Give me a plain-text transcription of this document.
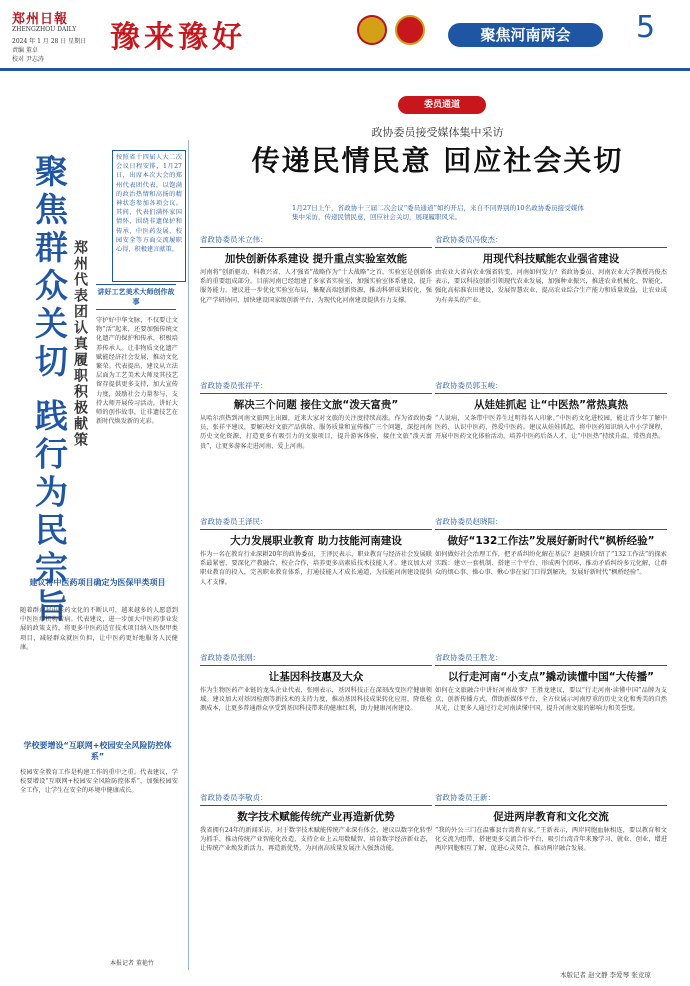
郑州日報
ZHENGZHOU DAILY
2024 年 1 月 28 日 星期日
责编 董卓
校对 尹志涛
豫来豫好	聚焦河南两会	5
聚焦群众关切 践行为民宗旨 郑州代表团认真履职积极献策
按照省十四届人大二次会议日程安排，1月27日，出席本次大会的郑州代表团代表，以饱满的政治热情和高扬的精神状态参加各项会议。其间，代表们满怀家国情怀，围绕非遗保护和传承、中医药发展、校园安全等方面交流履职心得，积极建言献策。
讲好工艺美术大师创作故事
守护好中华文脉，不仅要让文物“活”起来，还要加强传统文化遗产的保护和传承，积极培养传承人。让非物质文化遗产赋能经济社会发展，推动文化繁荣。代表提出，建议从立法层面为工艺美术大师及其技艺留存提供更多支持，加大宣传力度，鼓励社会力量参与，支持大师开展传习活动，讲好大师的创作故事，让非遗技艺在新时代焕发新的光彩。
建议将中医药项目确定为医保甲类项目
随着群众对中医药文化的不断认可，越来越多的人愿意到中医医疗机构看病。代表建议，进一步加大中医药事业发展的政策支持，将更多中医药适宜技术项目纳入医保甲类项目，减轻群众就医负担，让中医药更好地服务人民健康。
学校要增设“互联网+校园安全风险防控体系”
校园安全教育工作是构建工作的重中之重。代表建议，学校要增设“互联网+校园安全风险防控体系”，加强校园安全工作，让学生在安全的环境中健康成长。
本报记者 董艳竹
委员通道
政协委员接受媒体集中采访
传递民情民意 回应社会关切
1月27日上午，省政协十三届二次会议“委员通道”如约开启，来自不同界别的10名政协委员接受媒体集中采访，传递民情民意，回应社会关切，展现履职风采。
省政协委员米立伟：
加快创新体系建设 提升重点实验室效能
河南将“创新驱动、科教兴省、人才强省”战略作为“十大战略”之首，实验室是创新体系的重要组成部分。目前河南已经组建了多家省实验室，加强实验室体系建设，提升服务能力。建议进一步优化实验室布局，集聚高端创新资源，推动科研成果转化，强化产学研协同，加快建设国家级创新平台，为现代化河南建设提供有力支撑。
省政协委员冯俊杰：
用现代科技赋能农业强省建设
由农业大省向农业强省转变，河南如何发力？省政协委员、河南农业大学教授冯俊杰表示，要以科技创新引领现代农业发展，加强种业振兴，推进农业机械化、智能化，强化高标准农田建设，发展智慧农业，提高农业综合生产能力和质量效益，让农业成为有奔头的产业。
省政协委员张祥平：
解决三个问题 接住文旅“泼天富贵”
从哈尔滨热到河南文旅网上出圈，近来大家对文旅的关注度持续高涨。作为省政协委员，张祥平建议，要解决好文旅产品供给、服务质量和宣传推广三个问题，深挖河南历史文化资源，打造更多有吸引力的文旅项目，提升游客体验，接住文旅“泼天富贵”，让更多游客走进河南、爱上河南。
省政协委员郭玉峻：
从娃娃抓起 让“中医热”常热真热
“人说病，又条带中医养生过明得名人印象。”中医药文化进校园，能让青少年了解中医药、认识中医药、热爱中医药。建议从娃娃抓起，将中医药知识纳入中小学课程，开展中医药文化体验活动，培养中医药后备人才，让“中医热”持续升温，常热真热。
省政协委员王泽民：
大力发展职业教育 助力技能河南建设
作为一名在教育行业深耕20年的政协委员，王泽民表示，职业教育与经济社会发展联系最紧密，要深化产教融合、校企合作，培养更多高素质技术技能人才。建议加大对职业教育的投入，完善职业教育体系，打通技能人才成长通道，为技能河南建设提供人才支撑。
省政协委员赵晓阳：
做好“132工作法”发展好新时代“枫桥经验”
如何做好社会治理工作，把矛盾纠纷化解在基层？赵晓阳介绍了“132工作法”的探索实践：建立一套机制、搭建三个平台、形成两个闭环，推动矛盾纠纷多元化解，让群众的烦心事、操心事、揪心事在家门口得到解决，发展好新时代“枫桥经验”。
省政协委员张刚：
让基因科技惠及大众
作为生物医药产业链的龙头企业代表，张刚表示，基因科技正在深刻改变医疗健康领域。建议加大对基因检测等新技术的支持力度，推动基因科技成果转化应用，降低检测成本，让更多普通群众享受到基因科技带来的健康红利，助力健康河南建设。
省政协委员王胜龙：
以行走河南“小支点”撬动读懂中国“大传播”
如何在文旅融合中讲好河南故事？王胜龙建议，要以“行走河南·读懂中国”品牌为支点，创新传播方式，借助新媒体平台，全方位展示河南厚重的历史文化和秀美的自然风光，让更多人通过行走河南读懂中国，提升河南文旅的影响力和美誉度。
省政协委员李敬贞：
数字技术赋能传统产业再造新优势
我省拥有24年的新闻采访，对于数字技术赋能传统产业深有体会。建议以数字化转型为抓手，推动传统产业智能化改造，支持企业上云用数赋智，培育数字经济新业态，让传统产业焕发新活力，再造新优势，为河南高质量发展注入强劲动能。
省政协委员王新：
促进两岸教育和文化交流
“我的外公三门在温雅县台湾教育家。”王新表示，两岸同胞血脉相连，要以教育和文化交流为纽带，搭建更多交流合作平台，吸引台湾青年来豫学习、就业、创业，增进两岸同胞相互了解，促进心灵契合，推动两岸融合发展。
本版记者 赵文静 李爱琴 张竞琼
